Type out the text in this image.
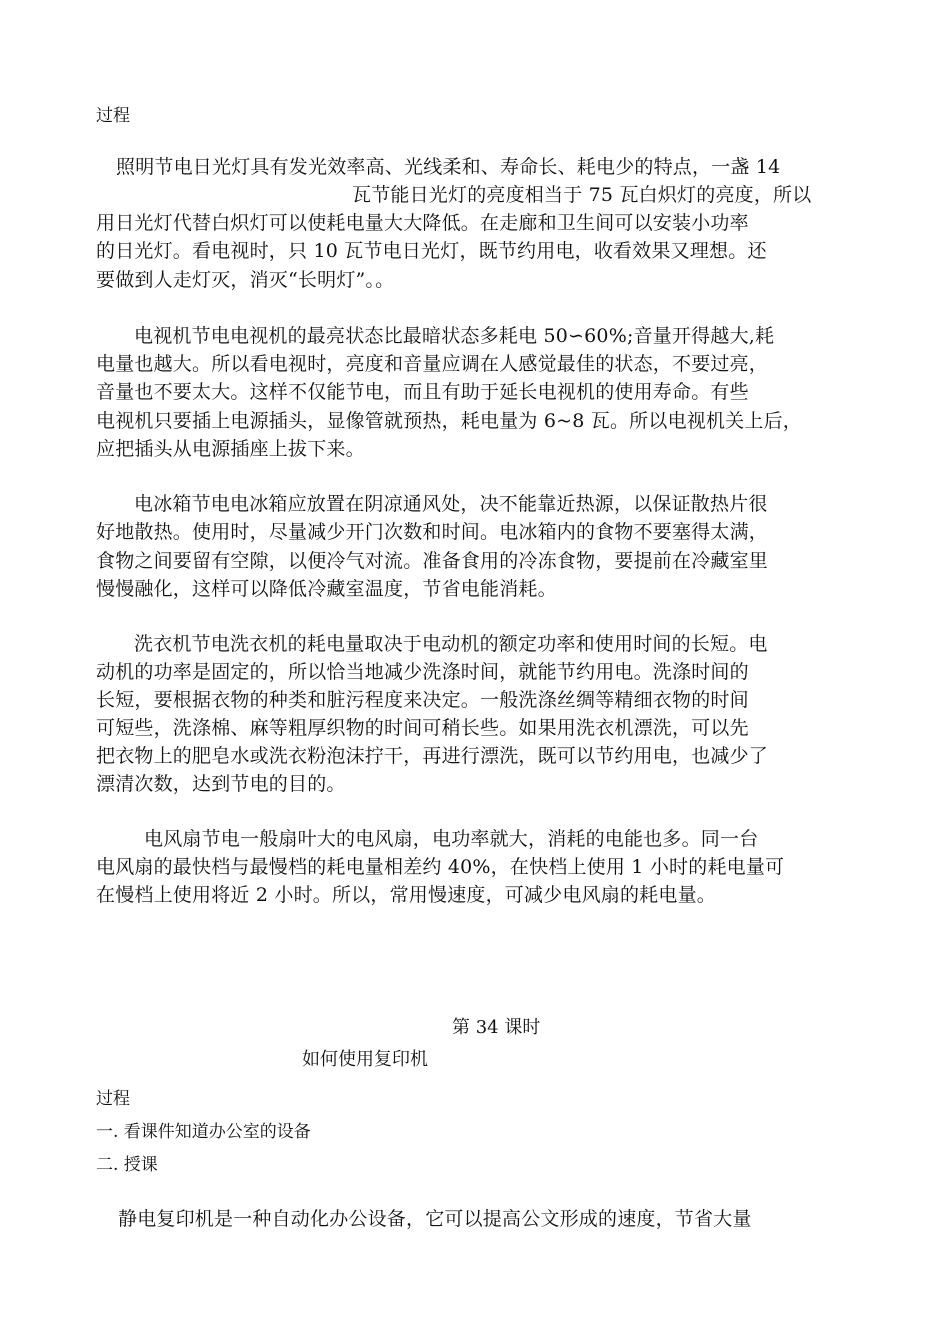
过程

照明节电日光灯具有发光效率高、光线柔和、寿命长、耗电少的特点，一盏 14

瓦节能日光灯的亮度相当于 75 瓦白炽灯的亮度，所以

用日光灯代替白炽灯可以使耗电量大大降低。在走廊和卫生间可以安装小功率

的日光灯。看电视时，只 10 瓦节电日光灯，既节约用电，收看效果又理想。还

要做到人走灯灭，消灭“长明灯”。。

电视机节电电视机的最亮状态比最暗状态多耗电 50∽60%;音量开得越大,耗

电量也越大。所以看电视时，亮度和音量应调在人感觉最佳的状态，不要过亮，

音量也不要太大。这样不仅能节电，而且有助于延长电视机的使用寿命。有些

电视机只要插上电源插头，显像管就预热，耗电量为 6~8 瓦。所以电视机关上后，

应把插头从电源插座上拔下来。

电冰箱节电电冰箱应放置在阴凉通风处，决不能靠近热源，以保证散热片很

好地散热。使用时，尽量减少开门次数和时间。电冰箱内的食物不要塞得太满，

食物之间要留有空隙，以便冷气对流。准备食用的冷冻食物，要提前在冷藏室里

慢慢融化，这样可以降低冷藏室温度，节省电能消耗。

洗衣机节电洗衣机的耗电量取决于电动机的额定功率和使用时间的长短。电

动机的功率是固定的，所以恰当地减少洗涤时间，就能节约用电。洗涤时间的

长短，要根据衣物的种类和脏污程度来决定。一般洗涤丝绸等精细衣物的时间

可短些，洗涤棉、麻等粗厚织物的时间可稍长些。如果用洗衣机漂洗，可以先

把衣物上的肥皂水或洗衣粉泡沫拧干，再进行漂洗，既可以节约用电，也减少了

漂清次数，达到节电的目的。

电风扇节电一般扇叶大的电风扇，电功率就大，消耗的电能也多。同一台

电风扇的最快档与最慢档的耗电量相差约 40%，在快档上使用 1 小时的耗电量可

在慢档上使用将近 2 小时。所以，常用慢速度，可减少电风扇的耗电量。

第 34 课时

如何使用复印机

过程

一. 看课件知道办公室的设备

二. 授课

静电复印机是一种自动化办公设备，它可以提高公文形成的速度，节省大量
